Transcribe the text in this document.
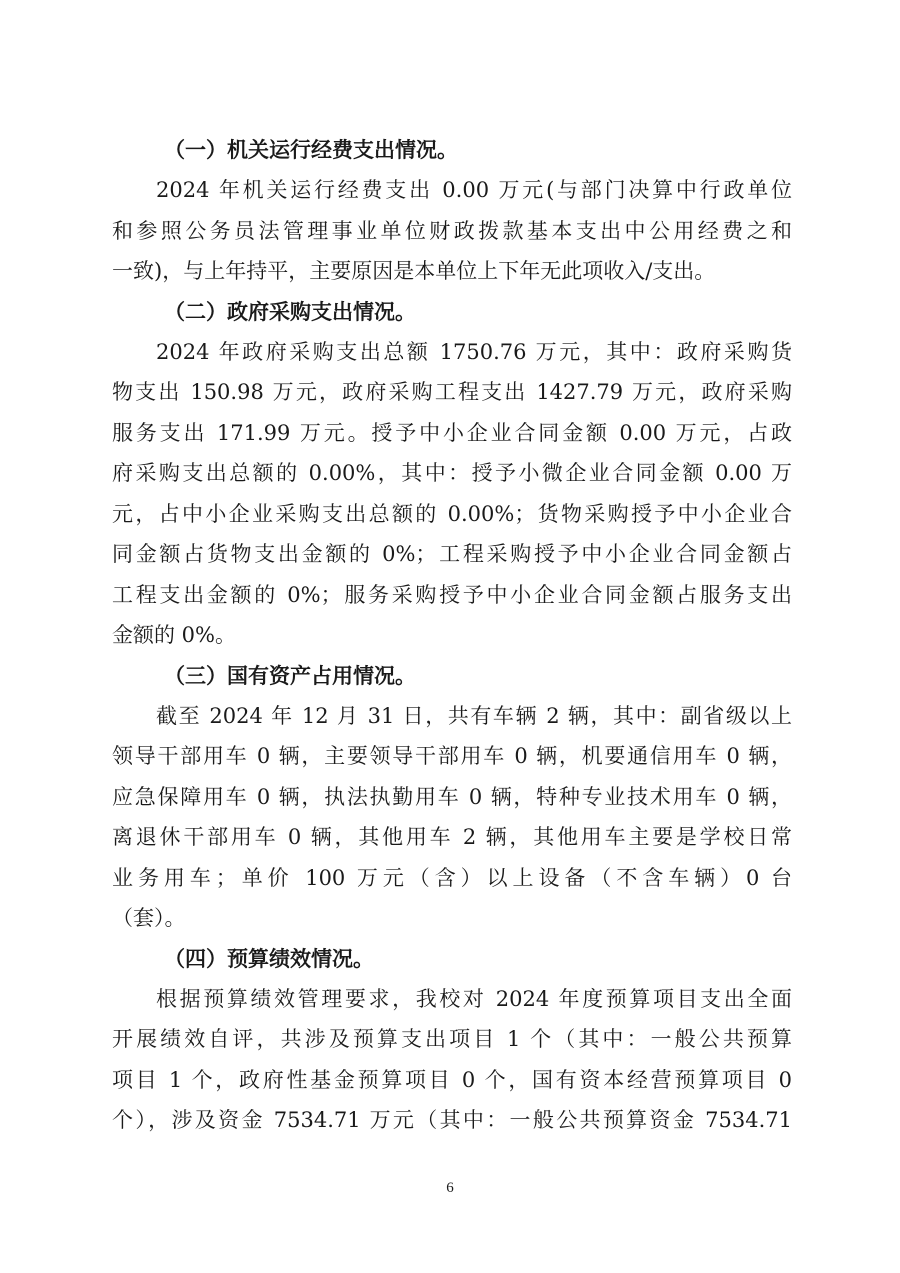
（一）机关运行经费支出情况。

2024 年机关运行经费支出 0.00 万元(与部门决算中行政单位
和参照公务员法管理事业单位财政拨款基本支出中公用经费之和
一致)，与上年持平，主要原因是本单位上下年无此项收入/支出。

（二）政府采购支出情况。

2024 年政府采购支出总额 1750.76 万元，其中：政府采购货
物支出 150.98 万元，政府采购工程支出 1427.79 万元，政府采购
服务支出 171.99 万元。授予中小企业合同金额 0.00 万元，占政
府采购支出总额的 0.00%，其中：授予小微企业合同金额 0.00 万
元，占中小企业采购支出总额的 0.00%；货物采购授予中小企业合
同金额占货物支出金额的 0%；工程采购授予中小企业合同金额占
工程支出金额的 0%；服务采购授予中小企业合同金额占服务支出
金额的 0%。

（三）国有资产占用情况。

截至 2024 年 12 月 31 日，共有车辆 2 辆，其中：副省级以上
领导干部用车 0 辆，主要领导干部用车 0 辆，机要通信用车 0 辆，
应急保障用车 0 辆，执法执勤用车 0 辆，特种专业技术用车 0 辆，
离退休干部用车 0 辆，其他用车 2 辆，其他用车主要是学校日常
业务用车；单价 100 万元（含）以上设备（不含车辆）0 台
（套）。

（四）预算绩效情况。

根据预算绩效管理要求，我校对 2024 年度预算项目支出全面
开展绩效自评，共涉及预算支出项目 1 个（其中：一般公共预算
项目 1 个，政府性基金预算项目 0 个，国有资本经营预算项目 0
个），涉及资金 7534.71 万元（其中：一般公共预算资金 7534.71
6
